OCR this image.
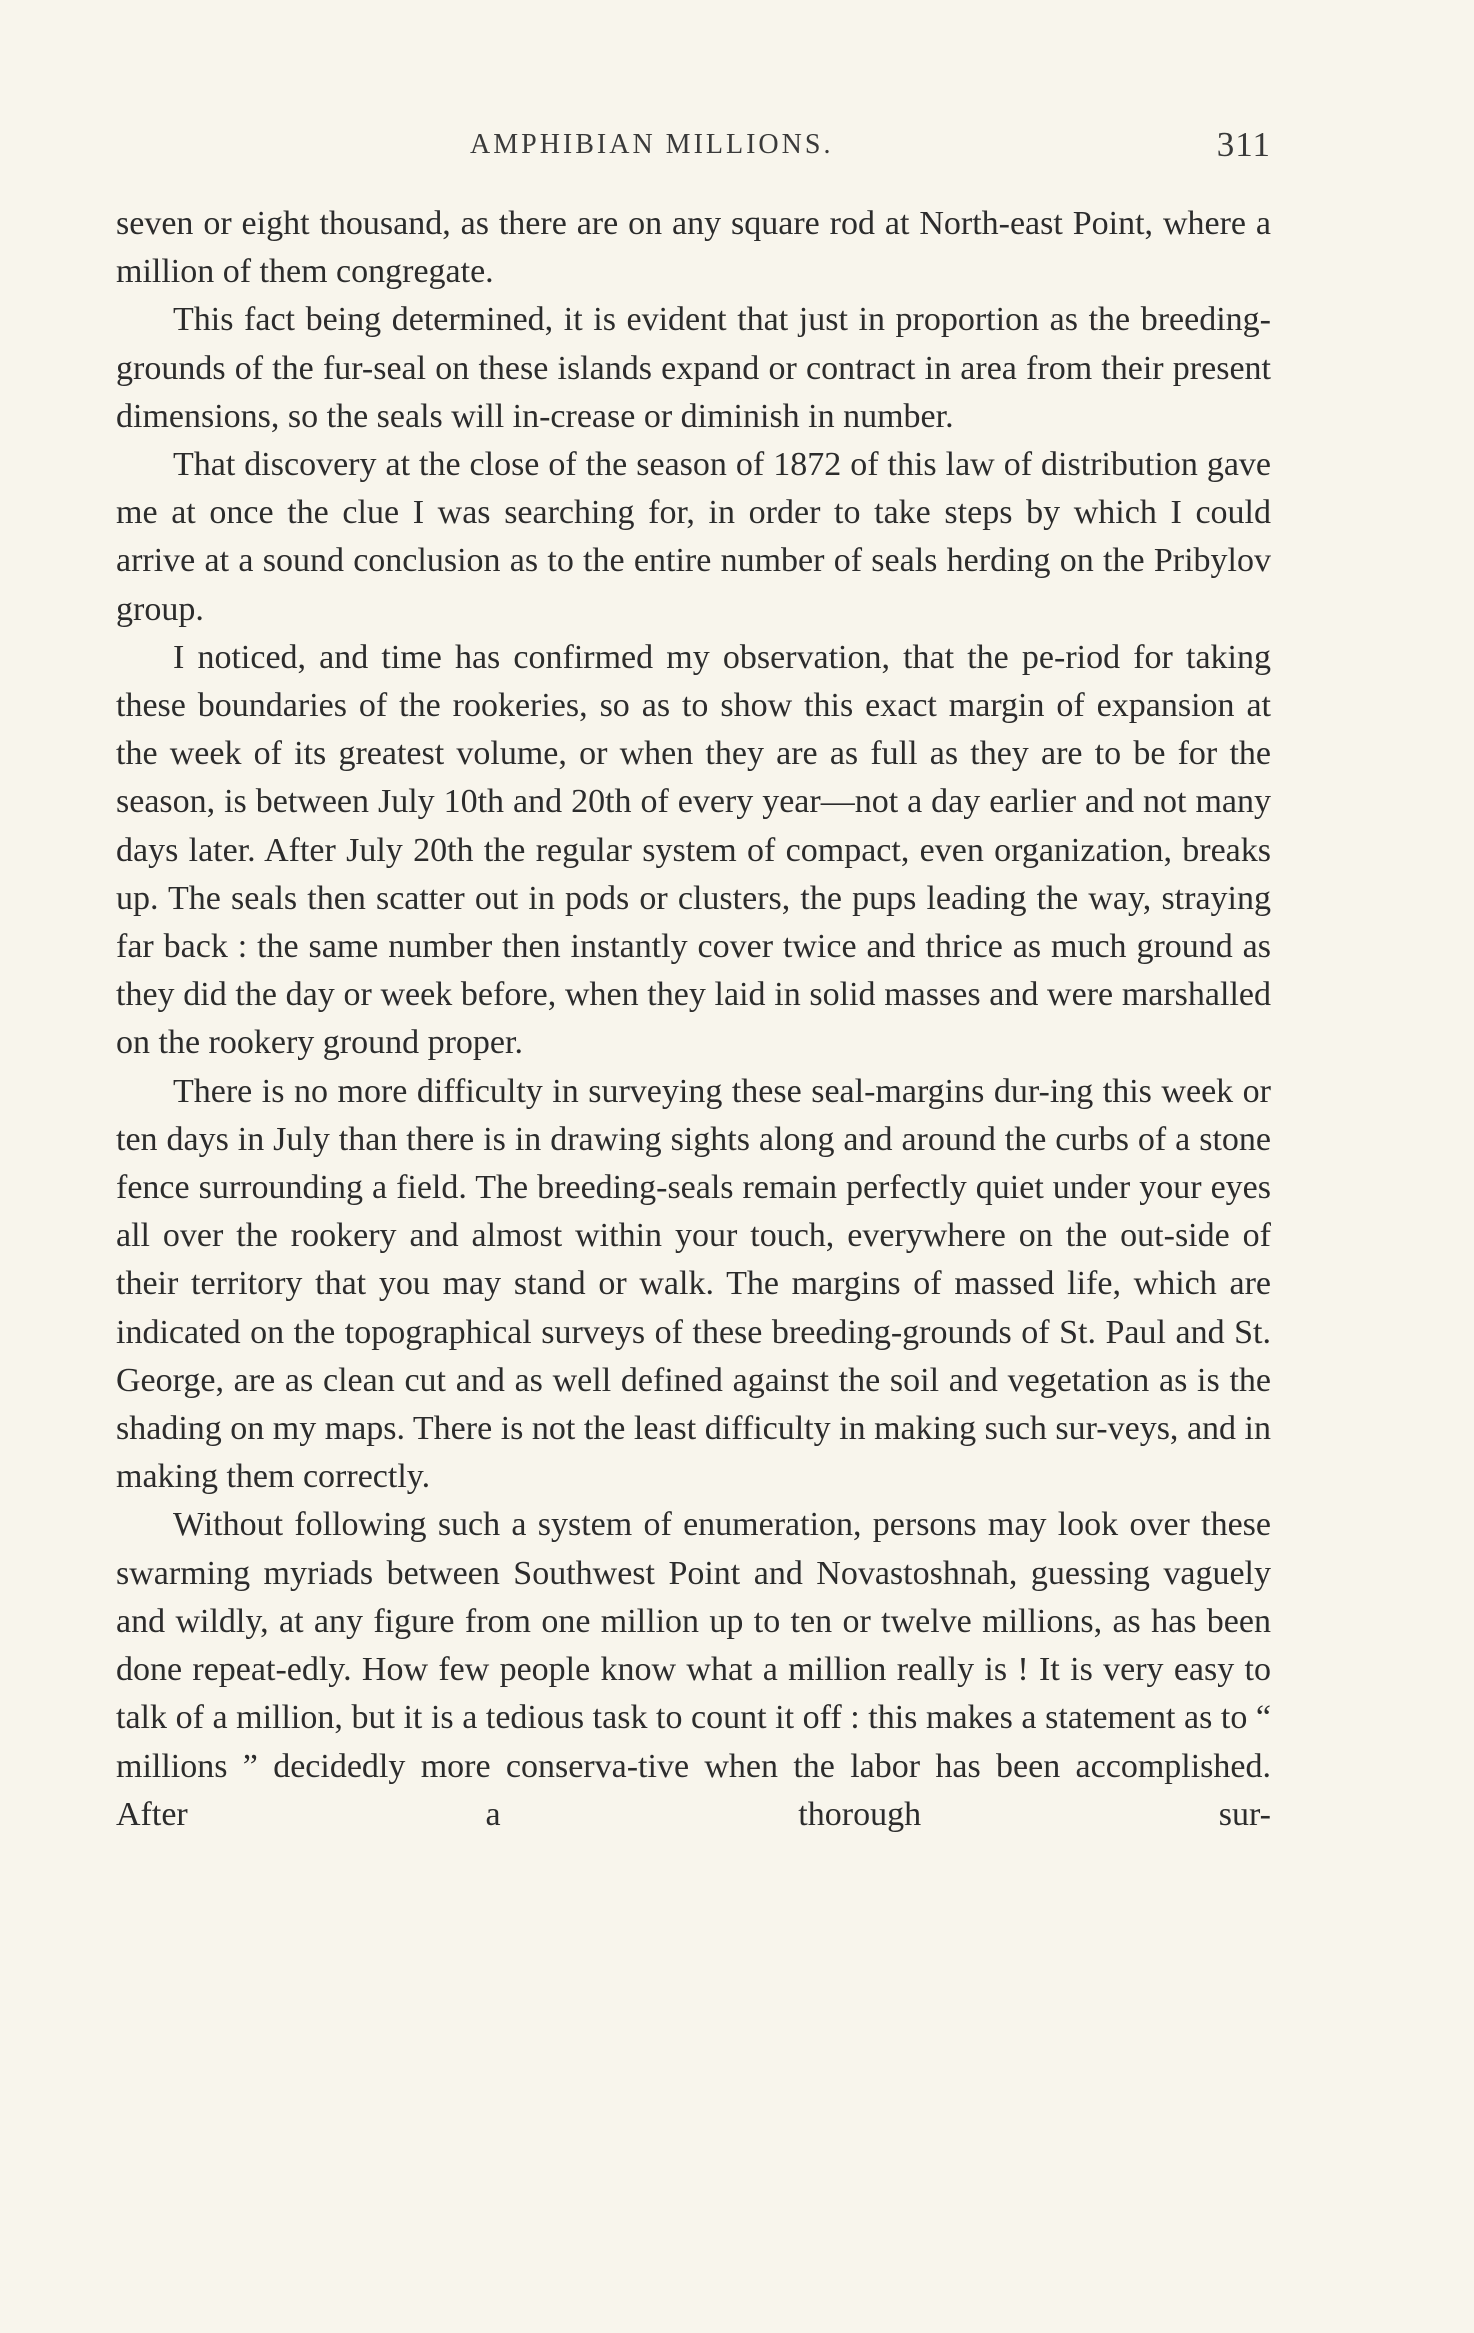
AMPHIBIAN MILLIONS.	311

seven or eight thousand, as there are on any square rod at North-east Point, where a million of them congregate.

This fact being determined, it is evident that just in proportion as the breeding-grounds of the fur-seal on these islands expand or contract in area from their present dimensions, so the seals will in-crease or diminish in number.

That discovery at the close of the season of 1872 of this law of distribution gave me at once the clue I was searching for, in order to take steps by which I could arrive at a sound conclusion as to the entire number of seals herding on the Pribylov group.

I noticed, and time has confirmed my observation, that the pe-riod for taking these boundaries of the rookeries, so as to show this exact margin of expansion at the week of its greatest volume, or when they are as full as they are to be for the season, is between July 10th and 20th of every year—not a day earlier and not many days later. After July 20th the regular system of compact, even organization, breaks up. The seals then scatter out in pods or clusters, the pups leading the way, straying far back : the same number then instantly cover twice and thrice as much ground as they did the day or week before, when they laid in solid masses and were marshalled on the rookery ground proper.

There is no more difficulty in surveying these seal-margins dur-ing this week or ten days in July than there is in drawing sights along and around the curbs of a stone fence surrounding a field. The breeding-seals remain perfectly quiet under your eyes all over the rookery and almost within your touch, everywhere on the out-side of their territory that you may stand or walk. The margins of massed life, which are indicated on the topographical surveys of these breeding-grounds of St. Paul and St. George, are as clean cut and as well defined against the soil and vegetation as is the shading on my maps. There is not the least difficulty in making such sur-veys, and in making them correctly.

Without following such a system of enumeration, persons may look over these swarming myriads between Southwest Point and Novastoshnah, guessing vaguely and wildly, at any figure from one million up to ten or twelve millions, as has been done repeat-edly. How few people know what a million really is ! It is very easy to talk of a million, but it is a tedious task to count it off : this makes a statement as to “ millions ” decidedly more conserva-tive when the labor has been accomplished. After a thorough sur-
